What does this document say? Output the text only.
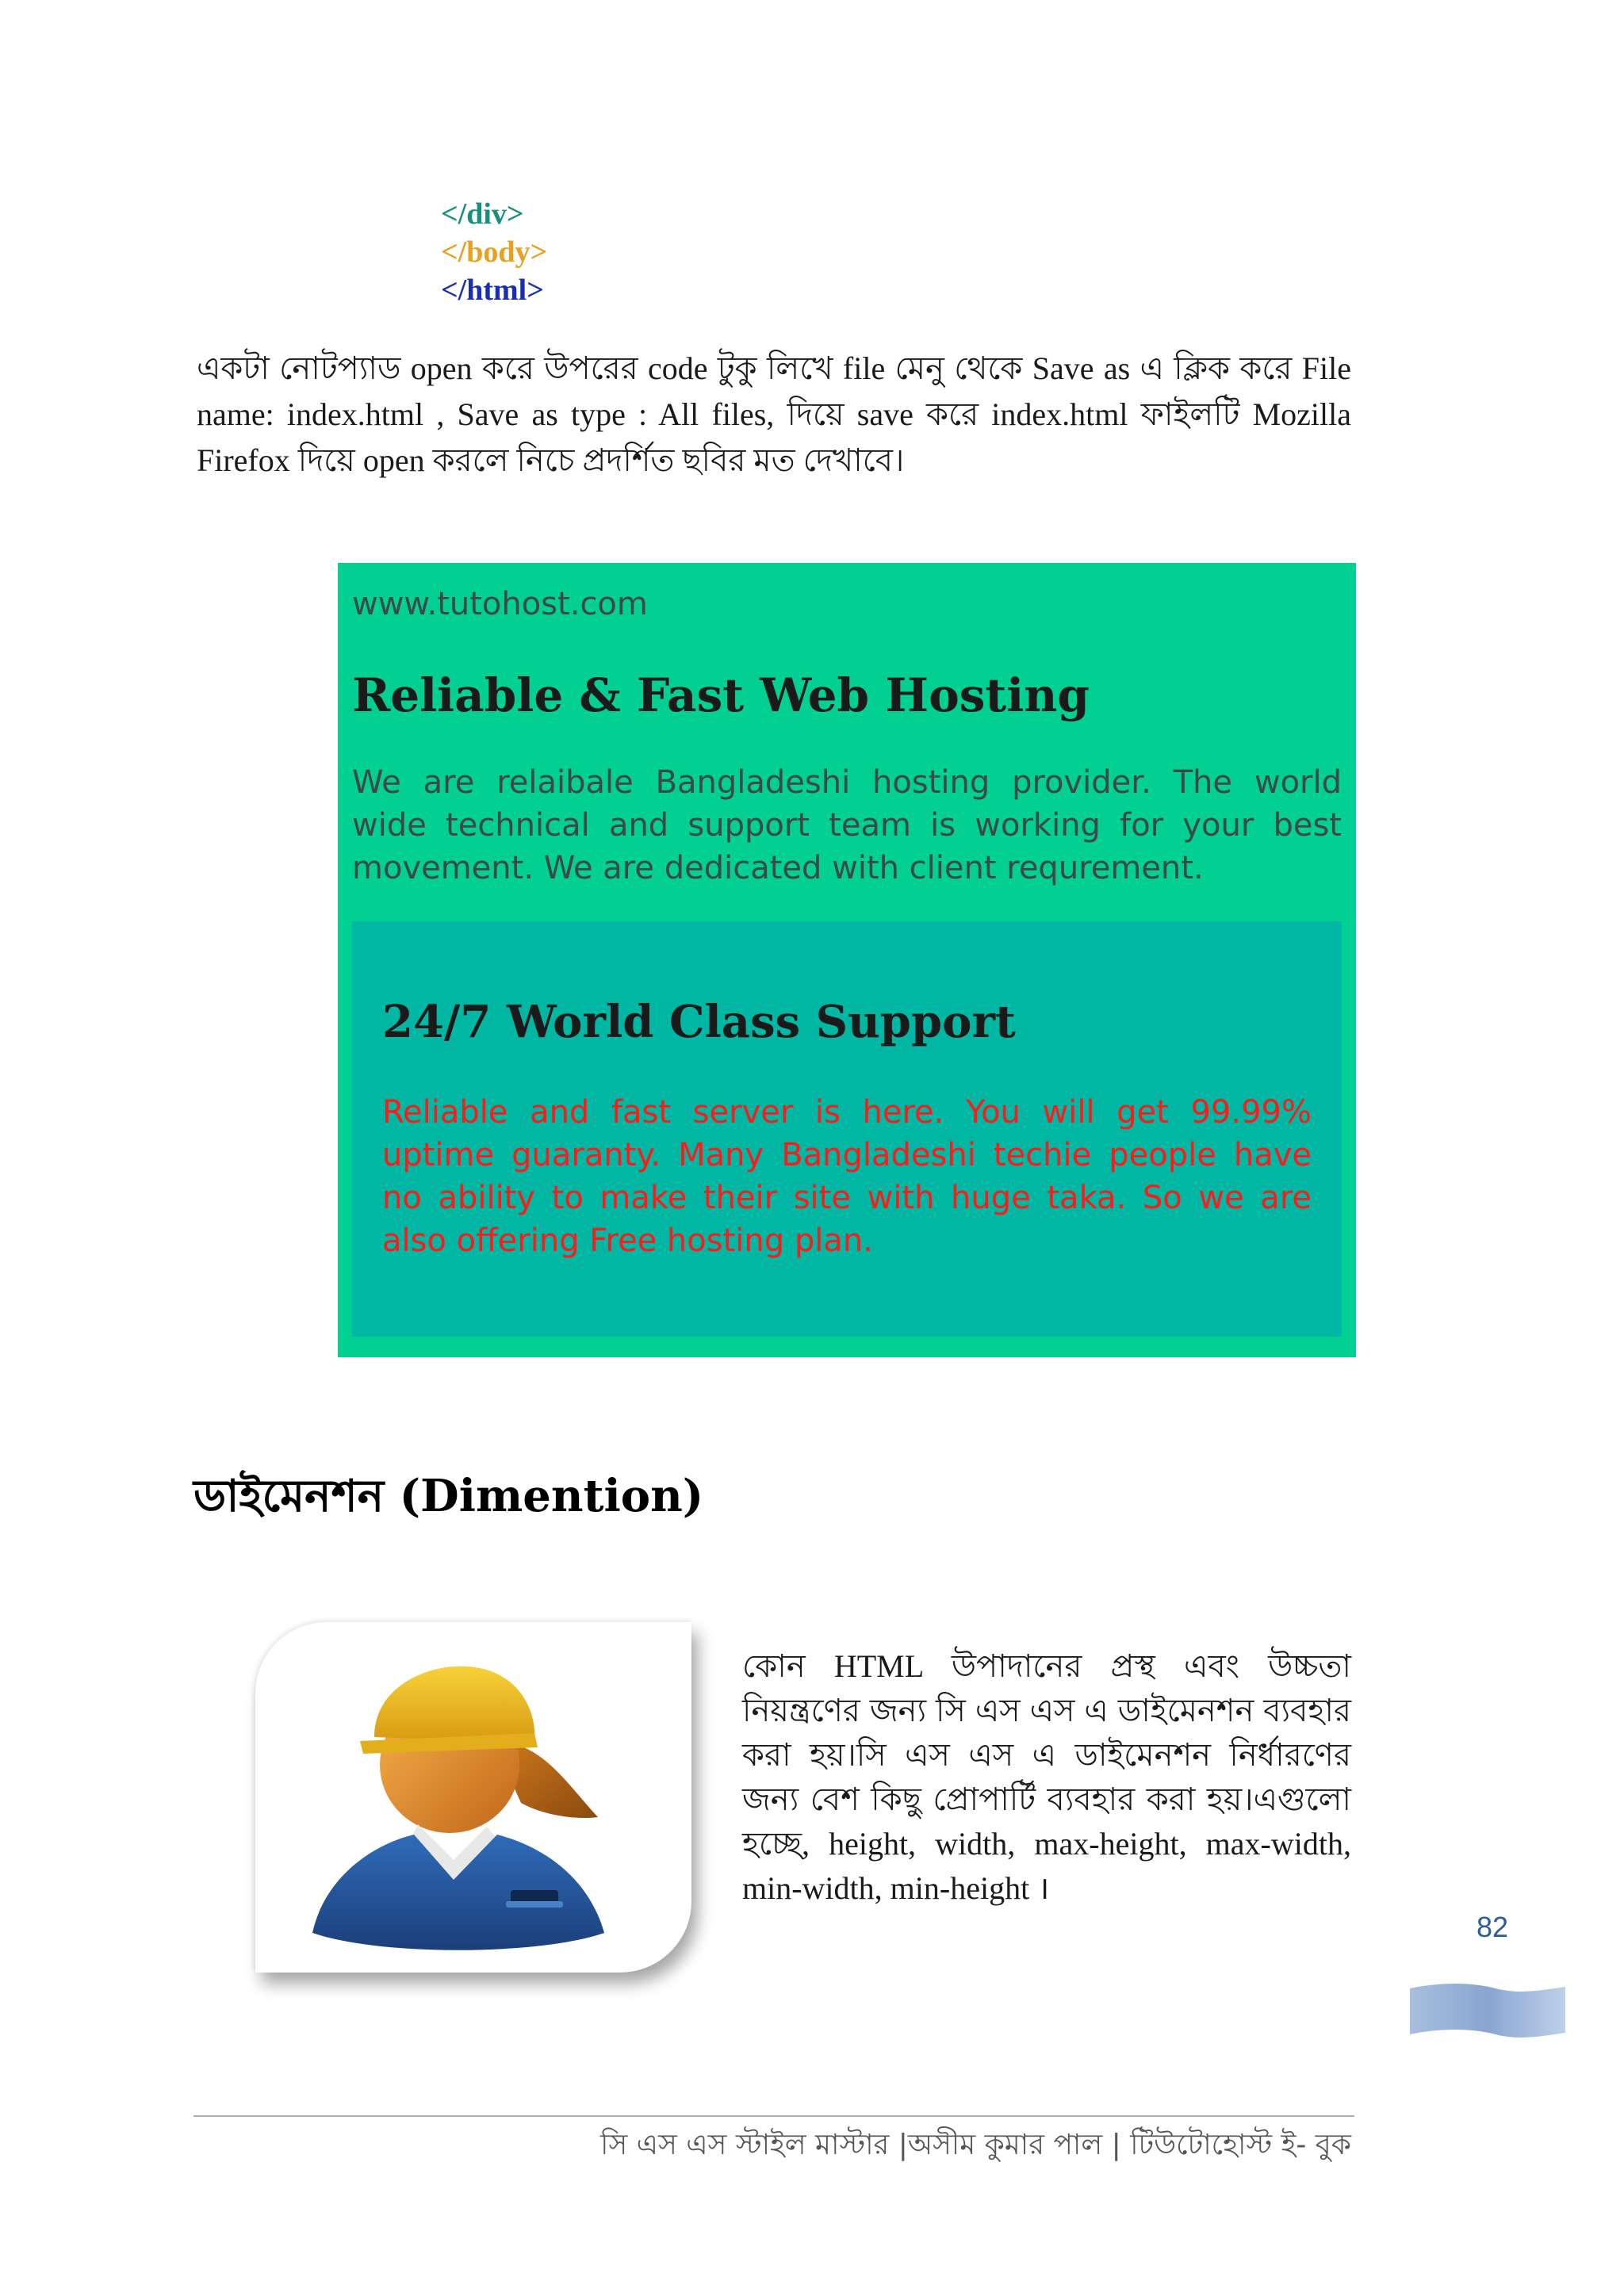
</div>
</body>
</html>

একটা নোটপ্যাড open করে উপরের code টুকু লিখে file মেনু থেকে Save as এ ক্লিক করে File name: index.html , Save as type : All files, দিয়ে save করে index.html ফাইলটি Mozilla Firefox দিয়ে open করলে নিচে প্রদর্শিত ছবির মত দেখাবে।

www.tutohost.com
Reliable & Fast Web Hosting

We are relaibale Bangladeshi hosting provider. The world wide technical and support team is working for your best movement. We are dedicated with client requrement.

24/7 World Class Support

Reliable and fast server is here. You will get 99.99% uptime guaranty. Many Bangladeshi techie people have no ability to make their site with huge taka. So we are also offering Free hosting plan.

ডাইমেনশন (Dimention)

কোন HTML উপাদানের প্রস্থ এবং উচ্চতা নিয়ন্ত্রণের জন্য সি এস এস এ ডাইমেনশন ব্যবহার করা হয়।সি এস এস এ ডাইমেনশন নির্ধারণের জন্য বেশ কিছু প্রোপার্টি ব্যবহার করা হয়।এগুলো হচ্ছে, height, width, max-height, max-width, min-width, min-height ।

82
সি এস এস স্টাইল মাস্টার |অসীম কুমার পাল | টিউটোহোস্ট ই- বুক
